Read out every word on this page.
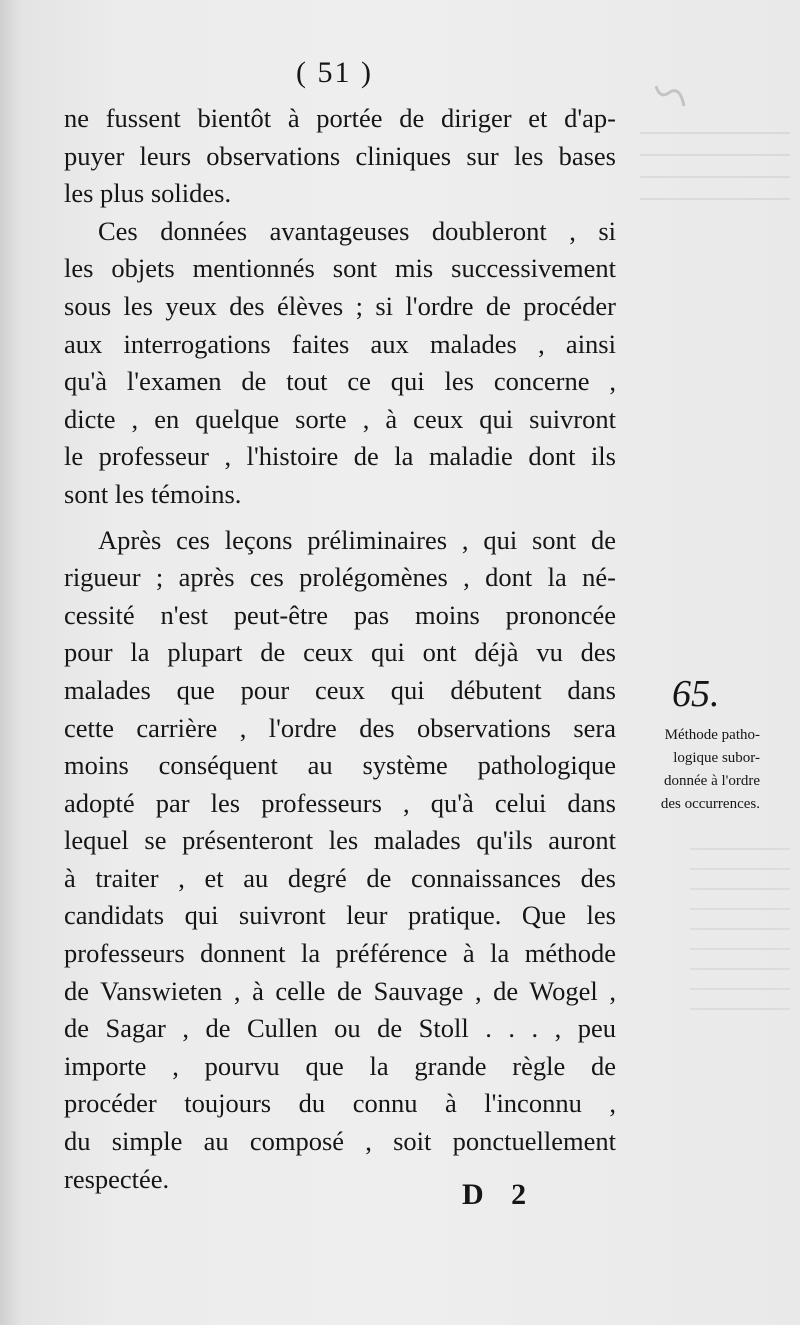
( 51 )
ne fussent bientôt à portée de diriger et d'ap-
puyer leurs observations cliniques sur les bases
les plus solides.
Ces données avantageuses doubleront , si
les objets mentionnés sont mis successivement
sous les yeux des élèves ; si l'ordre de procéder
aux interrogations faites aux malades , ainsi
qu'à l'examen de tout ce qui les concerne ,
dicte , en quelque sorte , à ceux qui suivront
le professeur , l'histoire de la maladie dont ils
sont les témoins.
Après ces leçons préliminaires , qui sont de
rigueur ; après ces prolégomènes , dont la né-
cessité n'est peut-être pas moins prononcée
pour la plupart de ceux qui ont déjà vu des
malades que pour ceux qui débutent dans
cette carrière , l'ordre des observations sera
moins conséquent au système pathologique
adopté par les professeurs , qu'à celui dans
lequel se présenteront les malades qu'ils auront
à traiter , et au degré de connaissances des
candidats qui suivront leur pratique. Que les
professeurs donnent la préférence à la méthode
de Vanswieten , à celle de Sauvage , de Wogel ,
de Sagar , de Cullen ou de Stoll . . . , peu
importe , pourvu que la grande règle de
procéder toujours du connu à l'inconnu ,
du simple au composé , soit ponctuellement
respectée.
65.
Méthode patho-
logique subor-
donnée à l'ordre
des occurrences.
D 2
